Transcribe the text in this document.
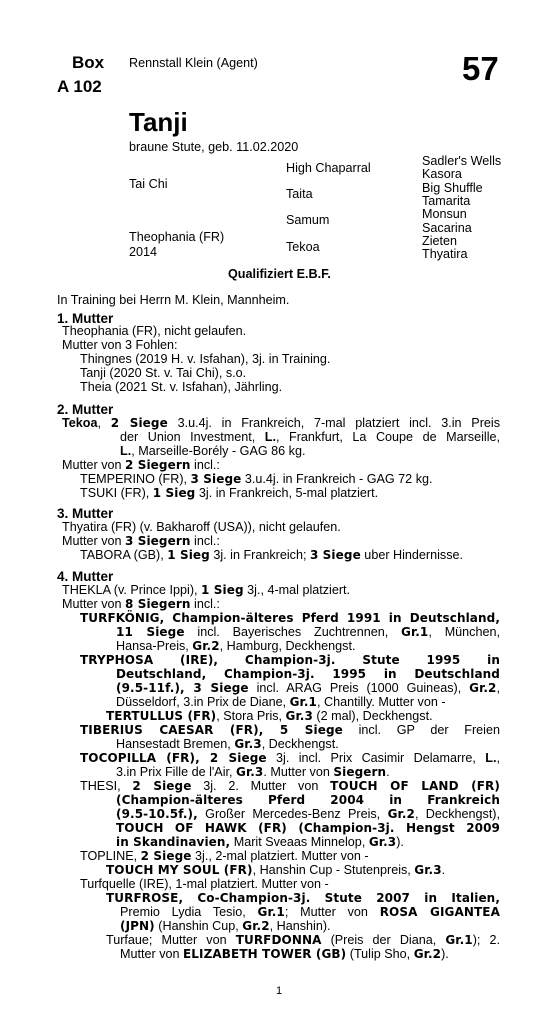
Box
A 102
Rennstall Klein (Agent)	57
Tanji
braune Stute, geb. 11.02.2020
Tai Chi
Theophania (FR)
2014
High Chaparral
Taita
Samum
Tekoa
Sadler's Wells
Kasora
Big Shuffle
Tamarita
Monsun
Sacarina
Zieten
Thyatira
Qualifiziert E.B.F.
In Training bei Herrn M. Klein, Mannheim.
1. Mutter
Theophania (FR), nicht gelaufen.
Mutter von 3 Fohlen:
Thingnes (2019 H. v. Isfahan), 3j. in Training.
Tanji (2020 St. v. Tai Chi), s.o.
Theia (2021 St. v. Isfahan), Jährling.
2. Mutter
Tekoa, 2 Siege 3.u.4j. in Frankreich, 7-mal platziert incl. 3.in Preis
der Union Investment, L., Frankfurt, La Coupe de Marseille,
L., Marseille-Borély - GAG 86 kg.
Mutter von 2 Siegern incl.:
TEMPERINO (FR), 3 Siege 3.u.4j. in Frankreich - GAG 72 kg.
TSUKI (FR), 1 Sieg 3j. in Frankreich, 5-mal platziert.
3. Mutter
Thyatira (FR) (v. Bakharoff (USA)), nicht gelaufen.
Mutter von 3 Siegern incl.:
TABORA (GB), 1 Sieg 3j. in Frankreich; 3 Siege uber Hindernisse.
4. Mutter
THEKLA (v. Prince Ippi), 1 Sieg 3j., 4-mal platziert.
Mutter von 8 Siegern incl.:
TURFKÖNIG, Champion-älteres Pferd 1991 in Deutschland,
11 Siege incl. Bayerisches Zuchtrennen, Gr.1, München,
Hansa-Preis, Gr.2, Hamburg, Deckhengst.
TRYPHOSA (IRE), Champion-3j. Stute 1995 in
Deutschland, Champion-3j. 1995 in Deutschland
(9.5-11f.), 3 Siege incl. ARAG Preis (1000 Guineas), Gr.2,
Düsseldorf, 3.in Prix de Diane, Gr.1, Chantilly. Mutter von -
TERTULLUS (FR), Stora Pris, Gr.3 (2 mal), Deckhengst.
TIBERIUS CAESAR (FR), 5 Siege incl. GP der Freien
Hansestadt Bremen, Gr.3, Deckhengst.
TOCOPILLA (FR), 2 Siege 3j. incl. Prix Casimir Delamarre, L.,
3.in Prix Fille de l'Air, Gr.3. Mutter von Siegern.
THESI, 2 Siege 3j. 2. Mutter von TOUCH OF LAND (FR)
(Champion-älteres Pferd 2004 in Frankreich
(9.5-10.5f.), Großer Mercedes-Benz Preis, Gr.2, Deckhengst),
TOUCH OF HAWK (FR) (Champion-3j. Hengst 2009
in Skandinavien, Marit Sveaas Minnelop, Gr.3).
TOPLINE, 2 Siege 3j., 2-mal platziert. Mutter von -
TOUCH MY SOUL (FR), Hanshin Cup - Stutenpreis, Gr.3.
Turfquelle (IRE), 1-mal platziert. Mutter von -
TURFROSE, Co-Champion-3j. Stute 2007 in Italien,
Premio Lydia Tesio, Gr.1; Mutter von ROSA GIGANTEA
(JPN) (Hanshin Cup, Gr.2, Hanshin).
Turfaue; Mutter von TURFDONNA (Preis der Diana, Gr.1); 2.
Mutter von ELIZABETH TOWER (GB) (Tulip Sho, Gr.2).
1
